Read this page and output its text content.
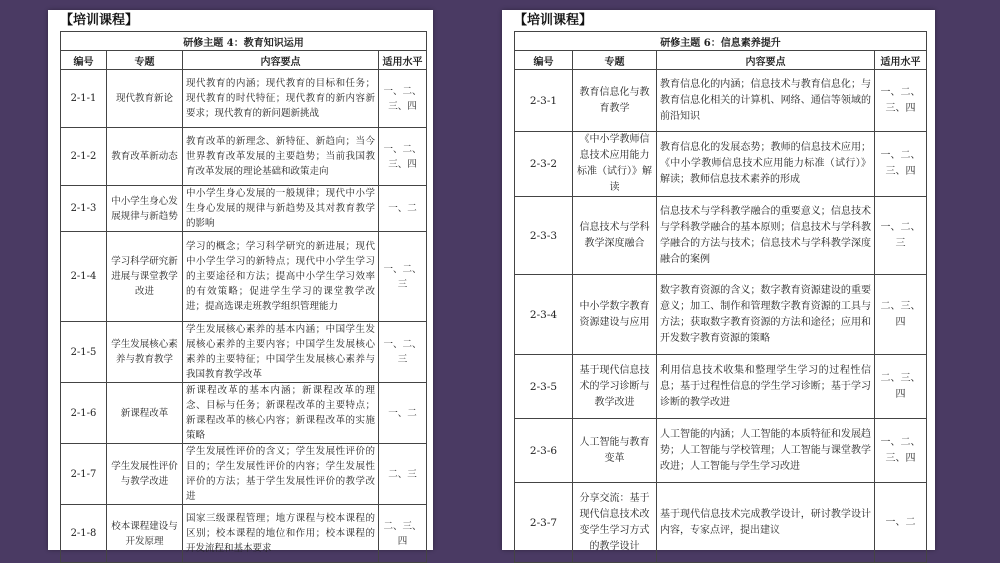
【培训课程】
研修主题 4：教育知识运用			
编号	专题	内容要点	适用水平
2-1-1	现代教育新论	现代教育的内涵；现代教育的目标和任务；现代教育的时代特征；现代教育的新内容新要求；现代教育的新问题新挑战	一、二、三、四
2-1-2	教育改革新动态	教育改革的新理念、新特征、新趋向；当今世界教育改革发展的主要趋势；当前我国教育改革发展的理论基础和政策走向	一、二、三、四
2-1-3	中小学生身心发展规律与新趋势	中小学生身心发展的一般规律；现代中小学生身心发展的规律与新趋势及其对教育教学的影响	一、二
2-1-4	学习科学研究新进展与课堂教学改进	学习的概念；学习科学研究的新进展；现代中小学生学习的新特点；现代中小学生学习的主要途径和方法；提高中小学生学习效率的有效策略；促进学生学习的课堂教学改进；提高选课走班教学组织管理能力	一、二、三
2-1-5	学生发展核心素养与教育教学	学生发展核心素养的基本内涵；中国学生发展核心素养的主要内容；中国学生发展核心素养的主要特征；中国学生发展核心素养与我国教育教学改革	一、二、三
2-1-6	新课程改革	新课程改革的基本内涵；新课程改革的理念、目标与任务；新课程改革的主要特点；新课程改革的核心内容；新课程改革的实施策略	一、二
2-1-7	学生发展性评价与教学改进	学生发展性评价的含义；学生发展性评价的目的；学生发展性评价的内容；学生发展性评价的方法；基于学生发展性评价的教学改进	二、三
2-1-8	校本课程建设与开发原理	国家三级课程管理；地方课程与校本课程的区别；校本课程的地位和作用；校本课程的开发流程和基本要求	二、三、四
【培训课程】
研修主题 6：信息素养提升			
编号	专题	内容要点	适用水平
2-3-1	教育信息化与教育教学	教育信息化的内涵；信息技术与教育信息化；与教育信息化相关的计算机、网络、通信等领域的前沿知识	一、二、三、四
2-3-2	《中小学教师信息技术应用能力标准（试行）》解读	教育信息化的发展态势；教师的信息技术应用；《中小学教师信息技术应用能力标准（试行）》解读；教师信息技术素养的形成	一、二、三、四
2-3-3	信息技术与学科教学深度融合	信息技术与学科教学融合的重要意义；信息技术与学科教学融合的基本原则；信息技术与学科教学融合的方法与技术；信息技术与学科教学深度融合的案例	一、二、三
2-3-4	中小学数字教育资源建设与应用	数字教育资源的含义；数字教育资源建设的重要意义；加工、制作和管理数字教育资源的工具与方法；获取数字教育资源的方法和途径；应用和开发数字教育资源的策略	二、三、四
2-3-5	基于现代信息技术的学习诊断与教学改进	利用信息技术收集和整理学生学习的过程性信息；基于过程性信息的学生学习诊断；基于学习诊断的教学改进	二、三、四
2-3-6	人工智能与教育变革	人工智能的内涵；人工智能的本质特征和发展趋势；人工智能与学校管理；人工智能与课堂教学改进；人工智能与学生学习改进	一、二、三、四
2-3-7	分享交流：基于现代信息技术改变学生学习方式的教学设计	基于现代信息技术完成教学设计，研讨教学设计内容，专家点评，提出建议	一、二
